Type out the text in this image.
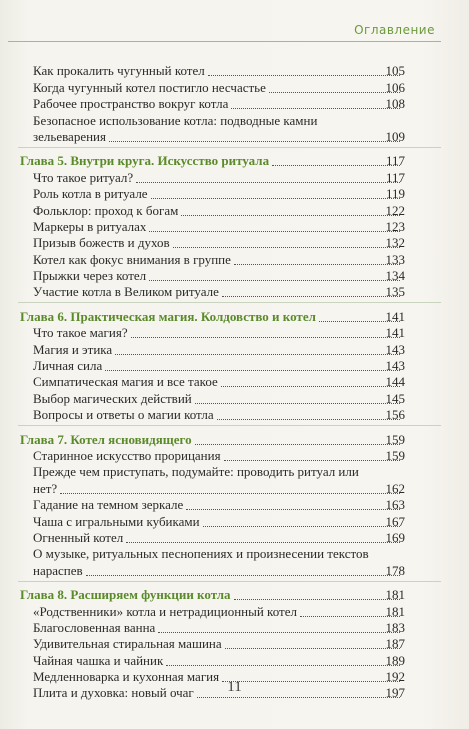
Оглавление
Как прокалить чугунный котел	105
Когда чугунный котел постигло несчастье	106
Рабочее пространство вокруг котла	108
Безопасное использование котла: подводные камни
зельеварения	109
Глава 5. Внутри круга. Искусство ритуала	117
Что такое ритуал?	117
Роль котла в ритуале	119
Фольклор: проход к богам	122
Маркеры в ритуалах	123
Призыв божеств и духов	132
Котел как фокус внимания в группе	133
Прыжки через котел	134
Участие котла в Великом ритуале	135
Глава 6. Практическая магия. Колдовство и котел	141
Что такое магия?	141
Магия и этика	143
Личная сила	143
Симпатическая магия и все такое	144
Выбор магических действий	145
Вопросы и ответы о магии котла	156
Глава 7. Котел ясновидящего	159
Старинное искусство прорицания	159
Прежде чем приступать, подумайте: проводить ритуал или
нет?	162
Гадание на темном зеркале	163
Чаша с игральными кубиками	167
Огненный котел	169
О музыке, ритуальных песнопениях и произнесении текстов
нараспев	178
Глава 8. Расширяем функции котла	181
«Родственники» котла и нетрадиционный котел	181
Благословенная ванна	183
Удивительная стиральная машина	187
Чайная чашка и чайник	189
Медленноварка и кухонная магия	192
Плита и духовка: новый очаг	197
11
